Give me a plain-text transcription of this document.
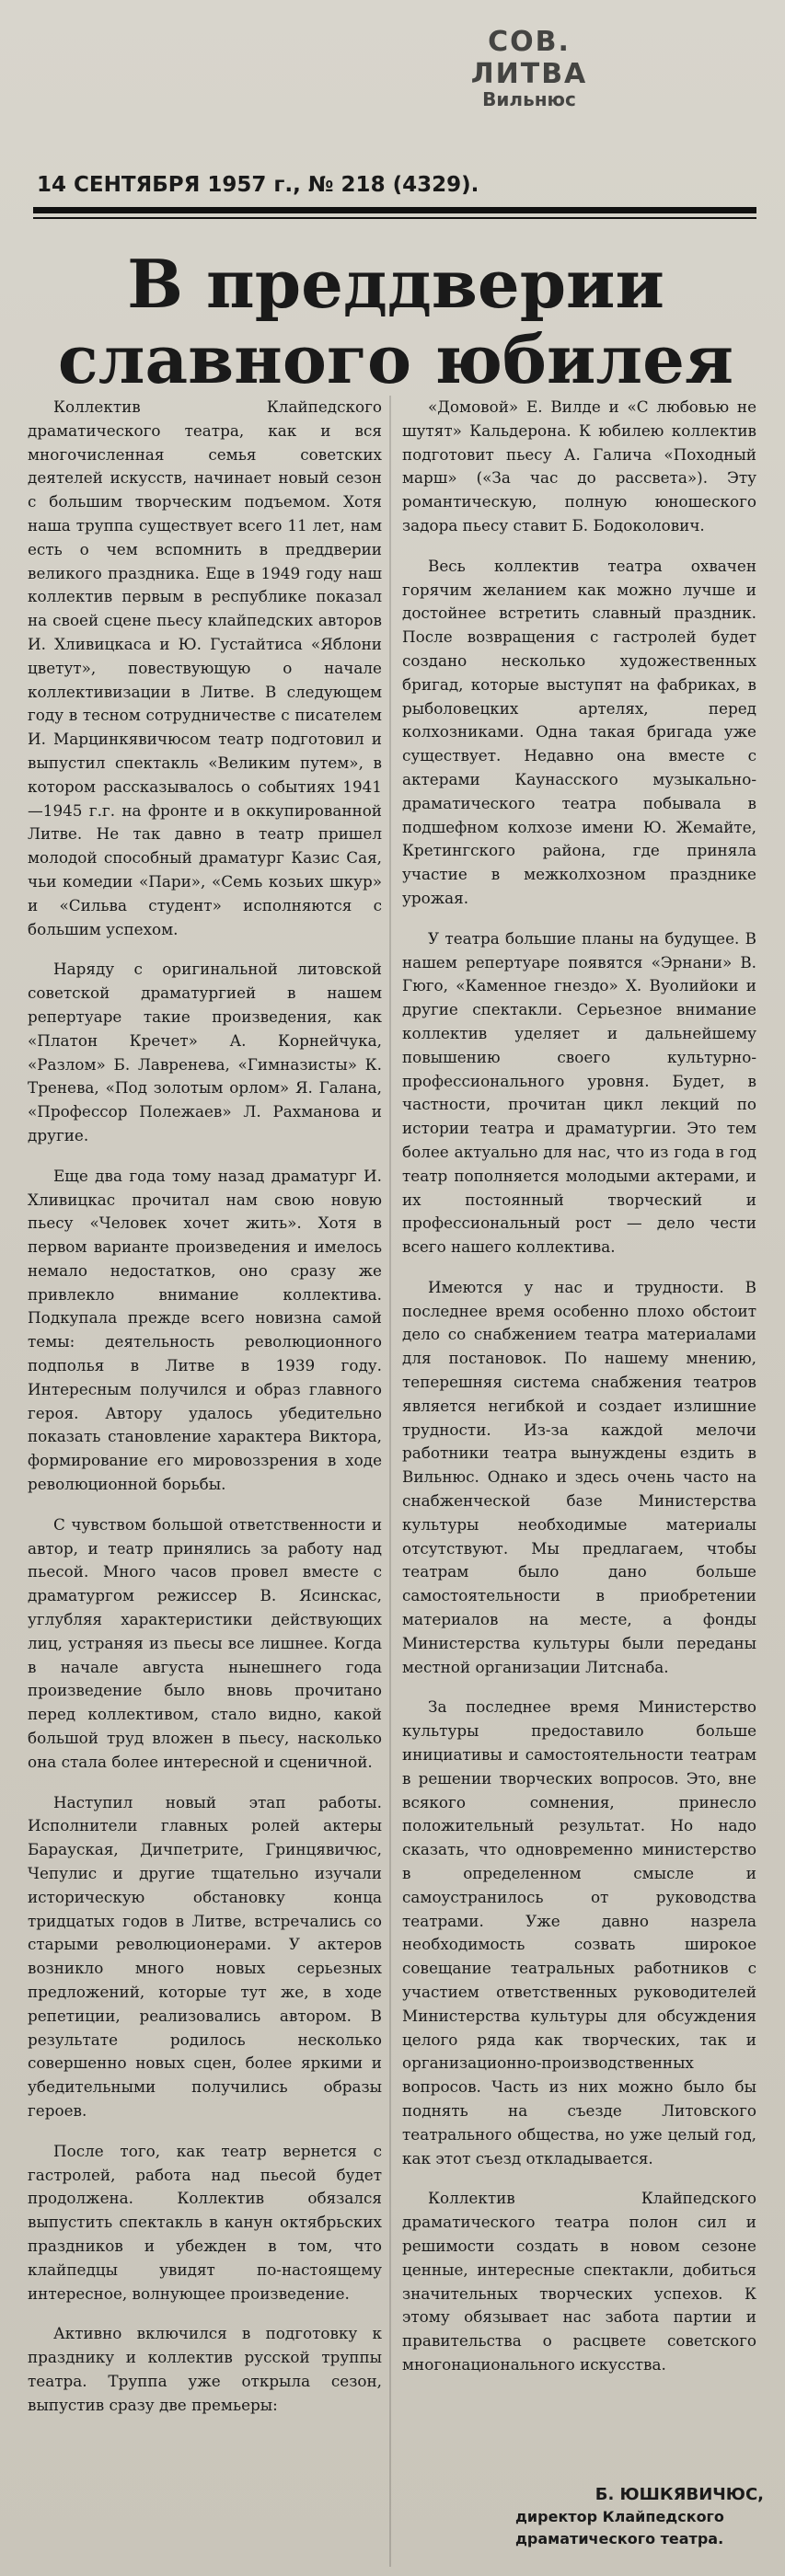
СОВ. ЛИТВА
Вильнюс
14 СЕНТЯБРЯ 1957 г., № 218 (4329).
В преддверии славного юбилея

Коллектив Клайпедского драматического театра, как и вся многочисленная семья советских деятелей искусств, начинает новый сезон с большим творческим подъемом. Хотя наша труппа существует всего 11 лет, нам есть о чем вспомнить в преддверии великого праздника. Еще в 1949 году наш коллектив первым в республике показал на своей сцене пьесу клайпедских авторов И. Хливицкаса и Ю. Густайтиса «Яблони цветут», повествующую о начале коллективизации в Литве. В следующем году в тесном сотрудничестве с писателем И. Марцинкявичюсом театр подготовил и выпустил спектакль «Великим путем», в котором рассказывалось о событиях 1941—1945 г.г. на фронте и в оккупированной Литве. Не так давно в театр пришел молодой способный драматург Казис Сая, чьи комедии «Пари», «Семь козьих шкур» и «Сильва студент» исполняются с большим успехом.

Наряду с оригинальной литовской советской драматургией в нашем репертуаре такие произведения, как «Платон Кречет» А. Корнейчука, «Разлом» Б. Лавренева, «Гимназисты» К. Тренева, «Под золотым орлом» Я. Галана, «Профессор Полежаев» Л. Рахманова и другие.

Еще два года тому назад драматург И. Хливицкас прочитал нам свою новую пьесу «Человек хочет жить». Хотя в первом варианте произведения и имелось немало недостатков, оно сразу же привлекло внимание коллектива. Подкупала прежде всего новизна самой темы: деятельность революционного подполья в Литве в 1939 году. Интересным получился и образ главного героя. Автору удалось убедительно показать становление характера Виктора, формирование его мировоззрения в ходе революционной борьбы.

С чувством большой ответственности и автор, и театр принялись за работу над пьесой. Много часов провел вместе с драматургом режиссер В. Ясинскас, углубляя характеристики действующих лиц, устраняя из пьесы все лишнее. Когда в начале августа нынешнего года произведение было вновь прочитано перед коллективом, стало видно, какой большой труд вложен в пьесу, насколько она стала более интересной и сценичной.

Наступил новый этап работы. Исполнители главных ролей актеры Барауская, Дичпетрите, Гринцявичюс, Чепулис и другие тщательно изучали историческую обстановку конца тридцатых годов в Литве, встречались со старыми революционерами. У актеров возникло много новых серьезных предложений, которые тут же, в ходе репетиции, реализовались автором. В результате родилось несколько совершенно новых сцен, более яркими и убедительными получились образы героев.

После того, как театр вернется с гастролей, работа над пьесой будет продолжена. Коллектив обязался выпустить спектакль в канун октябрьских праздников и убежден в том, что клайпедцы увидят по-настоящему интересное, волнующее произведение.

Активно включился в подготовку к празднику и коллектив русской труппы театра. Труппа уже открыла сезон, выпустив сразу две премьеры:

«Домовой» Е. Вилде и «С любовью не шутят» Кальдерона. К юбилею коллектив подготовит пьесу А. Галича «Походный марш» («За час до рассвета»). Эту романтическую, полную юношеского задора пьесу ставит Б. Бодоколович.

Весь коллектив театра охвачен горячим желанием как можно лучше и достойнее встретить славный праздник. После возвращения с гастролей будет создано несколько художественных бригад, которые выступят на фабриках, в рыболовецких артелях, перед колхозниками. Одна такая бригада уже существует. Недавно она вместе с актерами Каунасского музыкально-драматического театра побывала в подшефном колхозе имени Ю. Жемайте, Кретингского района, где приняла участие в межколхозном празднике урожая.

У театра большие планы на будущее. В нашем репертуаре появятся «Эрнани» В. Гюго, «Каменное гнездо» Х. Вуолийоки и другие спектакли. Серьезное внимание коллектив уделяет и дальнейшему повышению своего культурно-профессионального уровня. Будет, в частности, прочитан цикл лекций по истории театра и драматургии. Это тем более актуально для нас, что из года в год театр пополняется молодыми актерами, и их постоянный творческий и профессиональный рост — дело чести всего нашего коллектива.

Имеются у нас и трудности. В последнее время особенно плохо обстоит дело со снабжением театра материалами для постановок. По нашему мнению, теперешняя система снабжения театров является негибкой и создает излишние трудности. Из-за каждой мелочи работники театра вынуждены ездить в Вильнюс. Однако и здесь очень часто на снабженческой базе Министерства культуры необходимые материалы отсутствуют. Мы предлагаем, чтобы театрам было дано больше самостоятельности в приобретении материалов на месте, а фонды Министерства культуры были переданы местной организации Литснаба.

За последнее время Министерство культуры предоставило больше инициативы и самостоятельности театрам в решении творческих вопросов. Это, вне всякого сомнения, принесло положительный результат. Но надо сказать, что одновременно министерство в определенном смысле и самоустранилось от руководства театрами. Уже давно назрела необходимость созвать широкое совещание театральных работников с участием ответственных руководителей Министерства культуры для обсуждения целого ряда как творческих, так и организационно-производственных вопросов. Часть из них можно было бы поднять на съезде Литовского театрального общества, но уже целый год, как этот съезд откладывается.

Коллектив Клайпедского драматического театра полон сил и решимости создать в новом сезоне ценные, интересные спектакли, добиться значительных творческих успехов. К этому обязывает нас забота партии и правительства о расцвете советского многонационального искусства.

Б. ЮШКЯВИЧЮС,
директор Клайпедского драматического театра.
